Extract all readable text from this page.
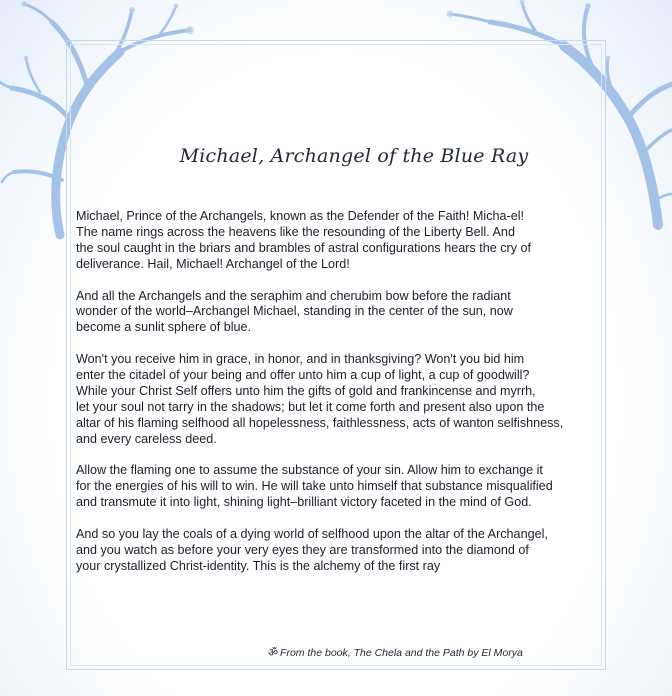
Michael, Archangel of the Blue Ray

Michael, Prince of the Archangels, known as the Defender of the Faith! Micha-el!
The name rings across the heavens like the resounding of the Liberty Bell. And
the soul caught in the briars and brambles of astral configurations hears the cry of
deliverance. Hail, Michael! Archangel of the Lord!

And all the Archangels and the seraphim and cherubim bow before the radiant
wonder of the world–Archangel Michael, standing in the center of the sun, now
become a sunlit sphere of blue.

Won't you receive him in grace, in honor, and in thanksgiving? Won't you bid him
enter the citadel of your being and offer unto him a cup of light, a cup of goodwill?
While your Christ Self offers unto him the gifts of gold and frankincense and myrrh,
let your soul not tarry in the shadows; but let it come forth and present also upon the
altar of his flaming selfhood all hopelessness, faithlessness, acts of wanton selfishness,
and every careless deed.

Allow the flaming one to assume the substance of your sin. Allow him to exchange it
for the energies of his will to win. He will take unto himself that substance misqualified
and transmute it into light, shining light–brilliant victory faceted in the mind of God.

And so you lay the coals of a dying world of selfhood upon the altar of the Archangel,
and you watch as before your very eyes they are transformed into the diamond of
your crystallized Christ-identity. This is the alchemy of the first ray

ॐ From the book, The Chela and the Path by El Morya
